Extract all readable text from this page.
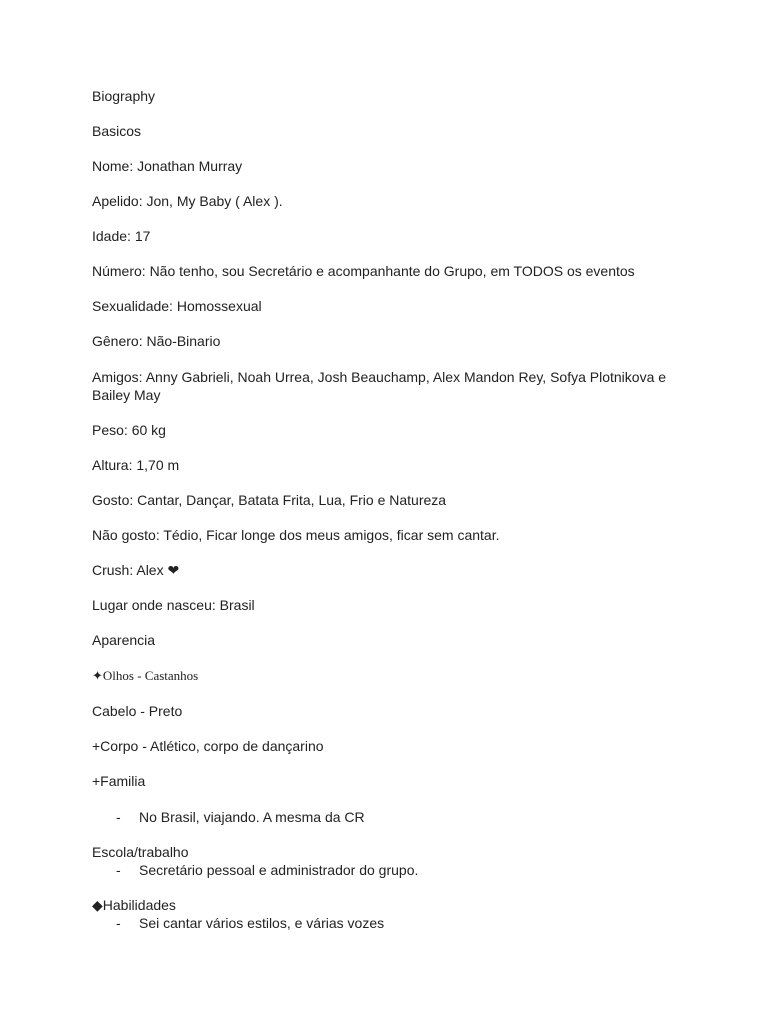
Biography

Basicos

Nome: Jonathan Murray

Apelido: Jon, My Baby ( Alex ).

Idade: 17

Número: Não tenho, sou Secretário e acompanhante do Grupo, em TODOS os eventos

Sexualidade: Homossexual

Gênero: Não-Binario

Amigos: Anny Gabrieli, Noah Urrea, Josh Beauchamp, Alex Mandon Rey, Sofya Plotnikova e Bailey May

Peso: 60 kg

Altura: 1,70 m

Gosto: Cantar, Dançar, Batata Frita, Lua, Frio e Natureza

Não gosto: Tédio, Ficar longe dos meus amigos, ficar sem cantar.

Crush: Alex ❤

Lugar onde nasceu: Brasil

Aparencia

✦Olhos - Castanhos

Cabelo - Preto

+Corpo - Atlético, corpo de dançarino

+Familia

- No Brasil, viajando. A mesma da CR

Escola/trabalho

- Secretário pessoal e administrador do grupo.

◆Habilidades

- Sei cantar vários estilos, e várias vozes
